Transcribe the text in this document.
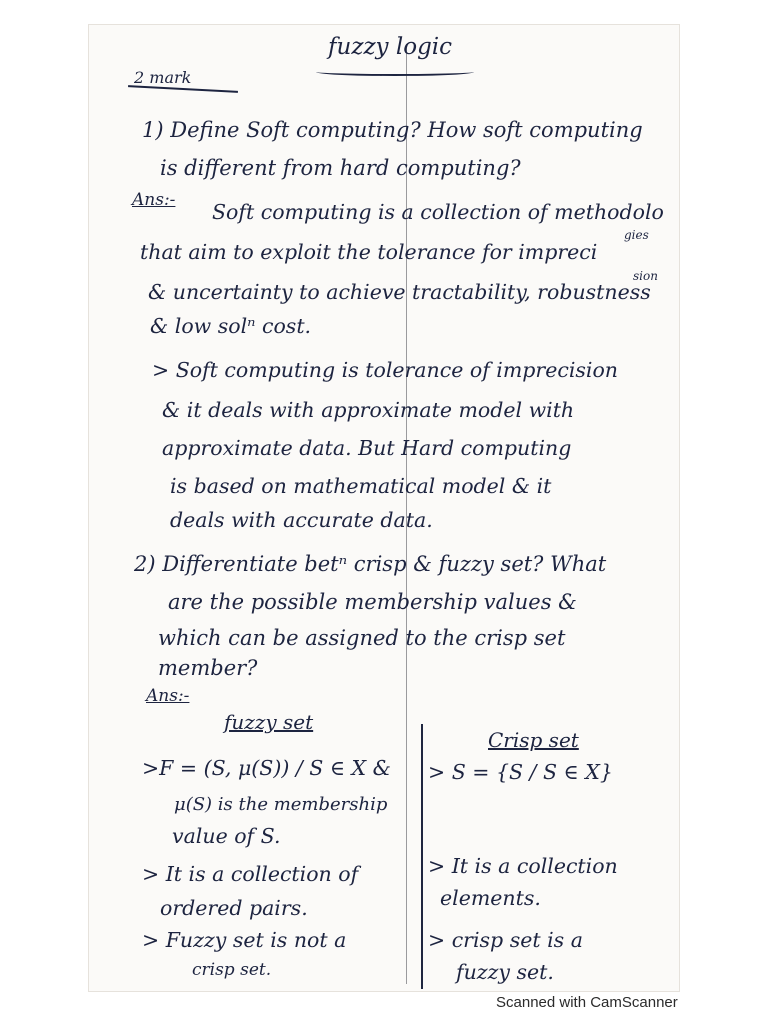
fuzzy logic
2 mark
1) Define Soft computing? How soft computing
is different from hard computing?
Ans:- Soft computing is a collection of methodolo
gies
that aim to exploit the tolerance for impreci
sion
& uncertainty to achieve tractability, robustness
& low solⁿ cost.
> Soft computing is tolerance of imprecision
& it deals with approximate model with
approximate data. But Hard computing
is based on mathematical model & it
deals with accurate data.
2) Differentiate betⁿ crisp & fuzzy set? What
are the possible membership values &
which can be assigned to the crisp set
member?
Ans:-
fuzzy set
>F = (S, μ(S)) / S ∈ X &
μ(S) is the membership
value of S.
> It is a collection of
ordered pairs.
> Fuzzy set is not a
crisp set.
Crisp set
> S = {S / S ∈ X}
> It is a collection
elements.
> crisp set is a
fuzzy set.
Scanned with CamScanner
